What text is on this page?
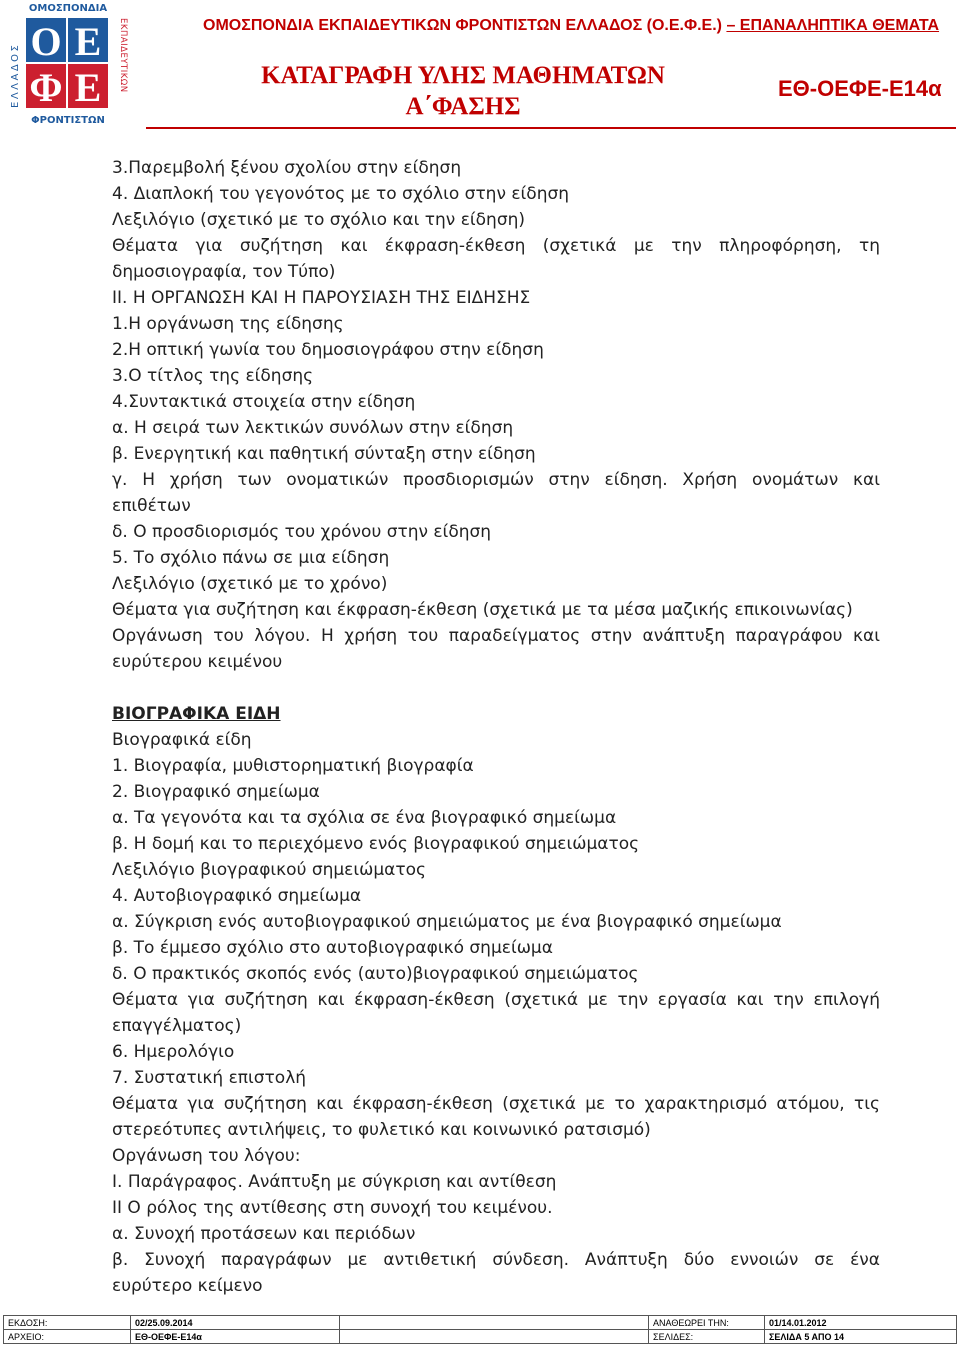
ΟΜΟΣΠΟΝΔΙΑ
ΕΛΛΑΔΟΣ	ΕΚΠΑΙΔΕΥΤΙΚΩΝ
Ο Ε
Φ Ε
ΦΡΟΝΤΙΣΤΩΝ
ΟΜΟΣΠΟΝΔΙΑ ΕΚΠΑΙΔΕΥΤΙΚΩΝ ΦΡΟΝΤΙΣΤΩΝ ΕΛΛΑΔΟΣ (Ο.Ε.Φ.Ε.) – ΕΠΑΝΑΛΗΠΤΙΚΑ ΘΕΜΑΤΑ
ΚΑΤΑΓΡΑΦΗ ΥΛΗΣ ΜΑΘΗΜΑΤΩΝ
Α΄ΦΑΣΗΣ
ΕΘ-ΟΕΦΕ-Ε14α
3.Παρεμβολή ξένου σχολίου στην είδηση
4. Διαπλοκή του γεγονότος με το σχόλιο στην είδηση
Λεξιλόγιο (σχετικό με το σχόλιο και την είδηση)
Θέματα για συζήτηση και έκφραση-έκθεση (σχετικά με την πληροφόρηση, τη
δημοσιογραφία, τον Τύπο)
ΙΙ. Η ΟΡΓΑΝΩΣΗ ΚΑΙ Η ΠΑΡΟΥΣΙΑΣΗ ΤΗΣ ΕΙΔΗΣΗΣ
1.Η οργάνωση της είδησης
2.Η οπτική γωνία του δημοσιογράφου στην είδηση
3.Ο τίτλος της είδησης
4.Συντακτικά στοιχεία στην είδηση
α. Η σειρά των λεκτικών συνόλων στην είδηση
β. Ενεργητική και παθητική σύνταξη στην είδηση
γ. Η χρήση των ονοματικών προσδιορισμών στην είδηση. Χρήση ονομάτων και
επιθέτων
δ. Ο προσδιορισμός του χρόνου στην είδηση
5. Το σχόλιο πάνω σε μια είδηση
Λεξιλόγιο (σχετικό με το χρόνο)
Θέματα για συζήτηση και έκφραση-έκθεση (σχετικά με τα μέσα μαζικής επικοινωνίας)
Οργάνωση του λόγου. Η χρήση του παραδείγματος στην ανάπτυξη παραγράφου και
ευρύτερου κειμένου
ΒΙΟΓΡΑΦΙΚΑ ΕΙΔΗ
Βιογραφικά είδη
1. Βιογραφία, μυθιστορηματική βιογραφία
2. Βιογραφικό σημείωμα
α. Τα γεγονότα και τα σχόλια σε ένα βιογραφικό σημείωμα
β. Η δομή και το περιεχόμενο ενός βιογραφικού σημειώματος
Λεξιλόγιο βιογραφικού σημειώματος
4. Αυτοβιογραφικό σημείωμα
α. Σύγκριση ενός αυτοβιογραφικού σημειώματος με ένα βιογραφικό σημείωμα
β. Το έμμεσο σχόλιο στο αυτοβιογραφικό σημείωμα
δ. Ο πρακτικός σκοπός ενός (αυτο)βιογραφικού σημειώματος
Θέματα για συζήτηση και έκφραση-έκθεση (σχετικά με την εργασία και την επιλογή
επαγγέλματος)
6. Ημερολόγιο
7. Συστατική επιστολή
Θέματα για συζήτηση και έκφραση-έκθεση (σχετικά με το χαρακτηρισμό ατόμου, τις
στερεότυπες αντιλήψεις, το φυλετικό και κοινωνικό ρατσισμό)
Οργάνωση του λόγου:
Ι. Παράγραφος. Ανάπτυξη με σύγκριση και αντίθεση
ΙΙ Ο ρόλος της αντίθεσης στη συνοχή του κειμένου.
α. Συνοχή προτάσεων και περιόδων
β. Συνοχή παραγράφων με αντιθετική σύνδεση. Ανάπτυξη δύο εννοιών σε ένα
ευρύτερο κείμενο
ΕΚΔΟΣΗ:	02/25.09.2014		ΑΝΑΘΕΩΡΕΙ ΤΗΝ:	01/14.01.2012
ΑΡΧΕΙΟ:	ΕΘ-ΟΕΦΕ-Ε14α		ΣΕΛΙΔΕΣ:	ΣΕΛΙΔΑ 5 ΑΠΟ 14
